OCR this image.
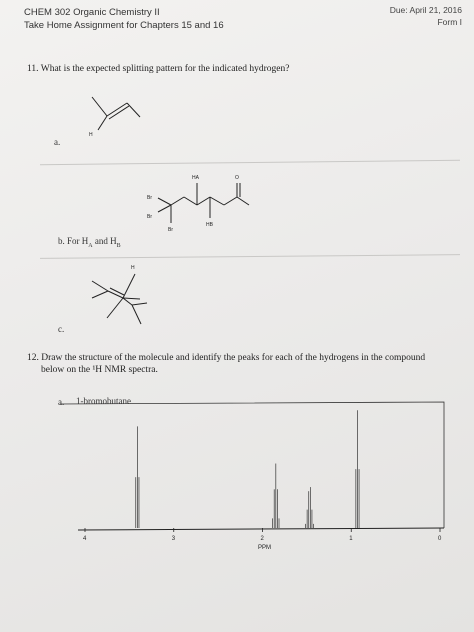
CHEM 302 Organic Chemistry II
Take Home Assignment for Chapters 15 and 16
Due: April 21, 2016
Form I
11. What is the expected splitting pattern for the indicated hydrogen?
H
a.
Br
Br
Br
HA
HB
O
b. For $H_A$ and $H_B$
H
c.
12. Draw the structure of the molecule and identify the peaks for each of the hydrogens in the compound
below on the ¹H NMR spectra.
a. 1-bromobutane
4	3	2	1	0
PPM
